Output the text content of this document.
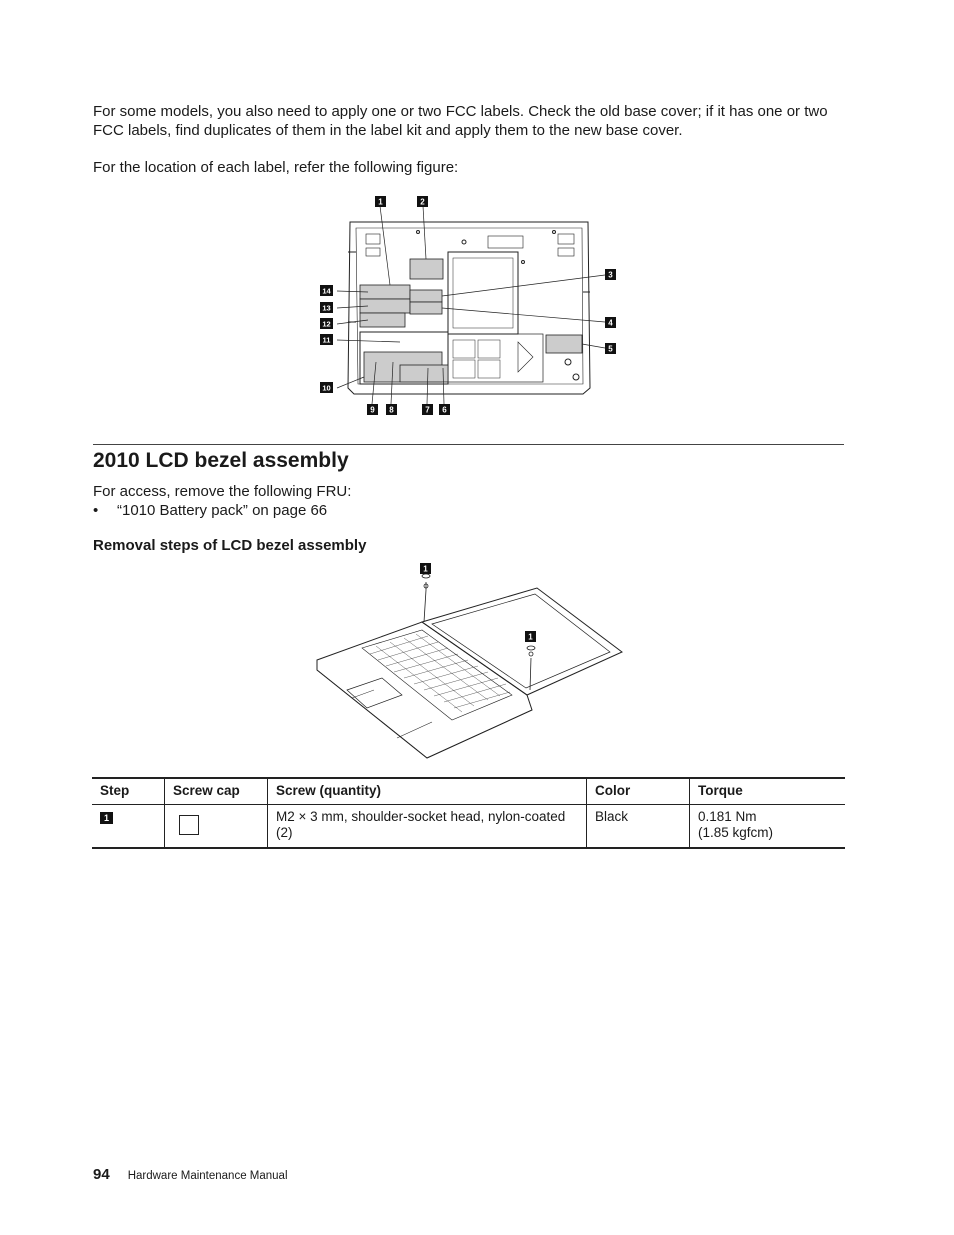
For some models, you also need to apply one or two FCC labels. Check the old base cover; if it has one or two FCC labels, find duplicates of them in the label kit and apply them to the new base cover.

For the location of each label, refer the following figure:

1	2
3
4
5
6
7
8
9
10
11
12
13
14
2010 LCD bezel assembly

For access, remove the following FRU:

• “1010 Battery pack” on page 66
Removal steps of LCD bezel assembly
1
1
Step	Screw cap	Screw (quantity)	Color	Torque
1		M2 × 3 mm, shoulder-socket head, nylon-coated (2)	Black	0.181 Nm
(1.85 kgfcm)
94 Hardware Maintenance Manual
